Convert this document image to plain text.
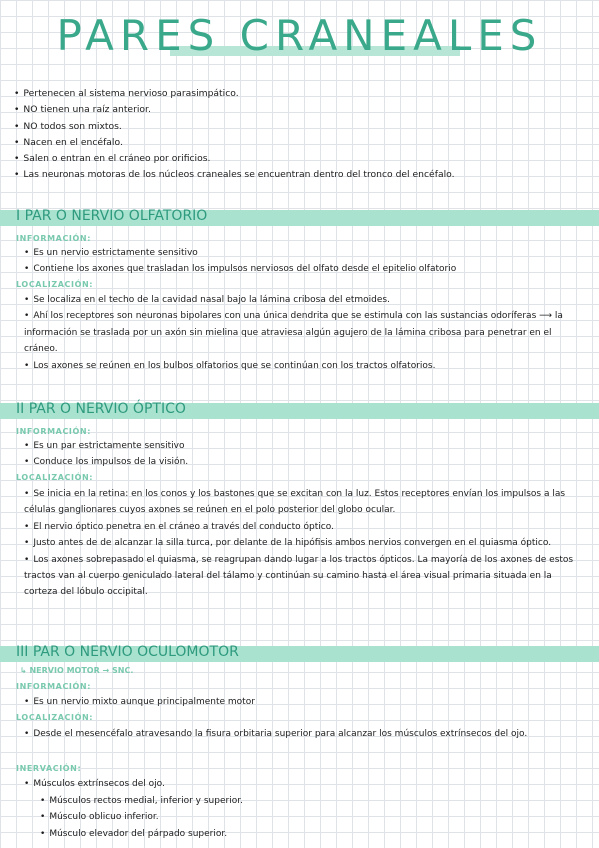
PARES CRANEALES
• Pertenecen al sistema nervioso parasimpático.
• NO tienen una raíz anterior.
• NO todos son mixtos.
• Nacen en el encéfalo.
• Salen o entran en el cráneo por orificios.
• Las neuronas motoras de los núcleos craneales se encuentran dentro del tronco del encéfalo.
I PAR O NERVIO OLFATORIO
INFORMACIÓN:
• Es un nervio estrictamente sensitivo
• Contiene los axones que trasladan los impulsos nerviosos del olfato desde el epitelio olfatorio
LOCALIZACIÓN:
• Se localiza en el techo de la cavidad nasal bajo la lámina cribosa del etmoides.
• Ahí los receptores son neuronas bipolares con una única dendrita que se estimula con las sustancias odoríferas ⟶ la información se traslada por un axón sin mielina que atraviesa algún agujero de la lámina cribosa para penetrar en el cráneo.
• Los axones se reúnen en los bulbos olfatorios que se continúan con los tractos olfatorios.
II PAR O NERVIO ÓPTICO
INFORMACIÓN:
• Es un par estrictamente sensitivo
• Conduce los impulsos de la visión.
LOCALIZACIÓN:
• Se inicia en la retina: en los conos y los bastones que se excitan con la luz. Estos receptores envían los impulsos a las células ganglionares cuyos axones se reúnen en el polo posterior del globo ocular.
• El nervio óptico penetra en el cráneo a través del conducto óptico.
• Justo antes de de alcanzar la silla turca, por delante de la hipófisis ambos nervios convergen en el quiasma óptico.
• Los axones sobrepasado el quiasma, se reagrupan dando lugar a los tractos ópticos. La mayoría de los axones de estos tractos van al cuerpo geniculado lateral del tálamo y continúan su camino hasta el área visual primaria situada en la corteza del lóbulo occipital.
III PAR O NERVIO OCULOMOTOR
↳ NERVIO MOTOR → SNC.
INFORMACIÓN:
• Es un nervio mixto aunque principalmente motor
LOCALIZACIÓN:
• Desde el mesencéfalo atravesando la fisura orbitaria superior para alcanzar los músculos extrínsecos del ojo.
INERVACIÓN:
• Músculos extrínsecos del ojo.
• Músculos rectos medial, inferior y superior.
• Músculo oblicuo inferior.
• Músculo elevador del párpado superior.
